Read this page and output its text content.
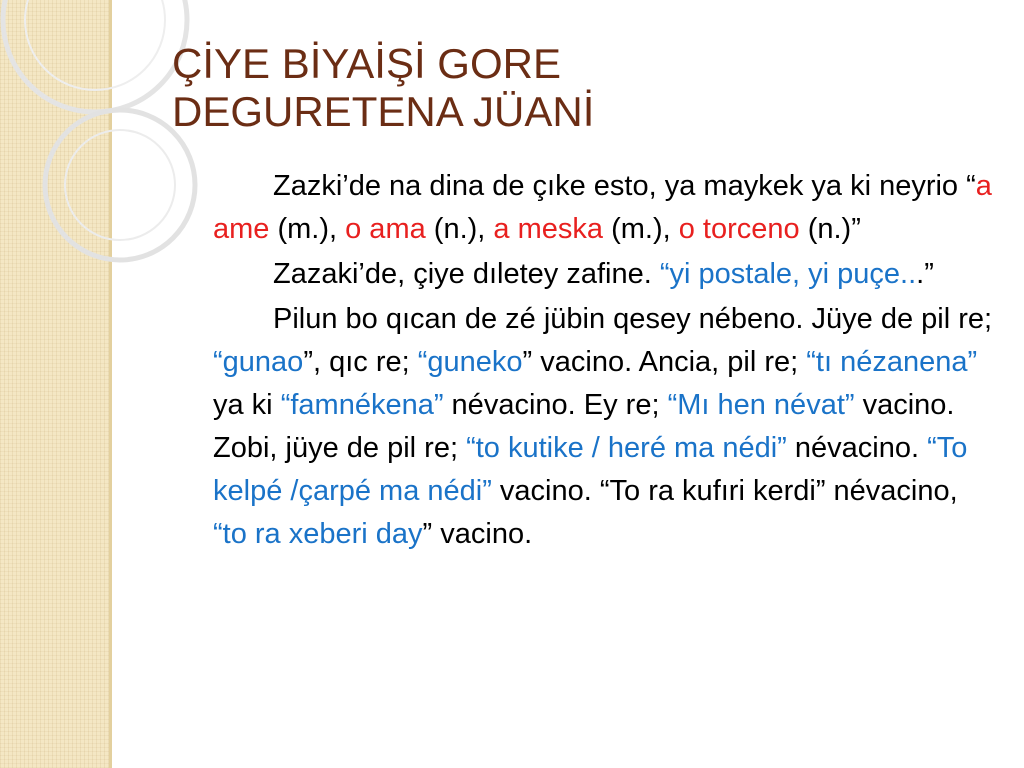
ÇİYE BİYAİŞİ GORE
DEGURETENA JÜANİ

Zazki’de na dina de çıke esto, ya maykek ya ki neyrio “a ame (m.), o ama (n.), a meska (m.), o torceno (n.)”

Zazaki’de, çiye dıletey zafine. “yi postale, yi puçe...”

Pilun bo qıcan de zé jübin qesey nébeno. Jüye de pil re; “gunao”, qıc re; “guneko” vacino. Ancia, pil re; “tı nézanena” ya ki “famnékena” névacino. Ey re; “Mı hen névat” vacino. Zobi, jüye de pil re; “to kutike / heré ma nédi” névacino. “To kelpé /çarpé ma nédi” vacino. “To ra kufıri kerdi” névacino, “to ra xeberi day” vacino.
